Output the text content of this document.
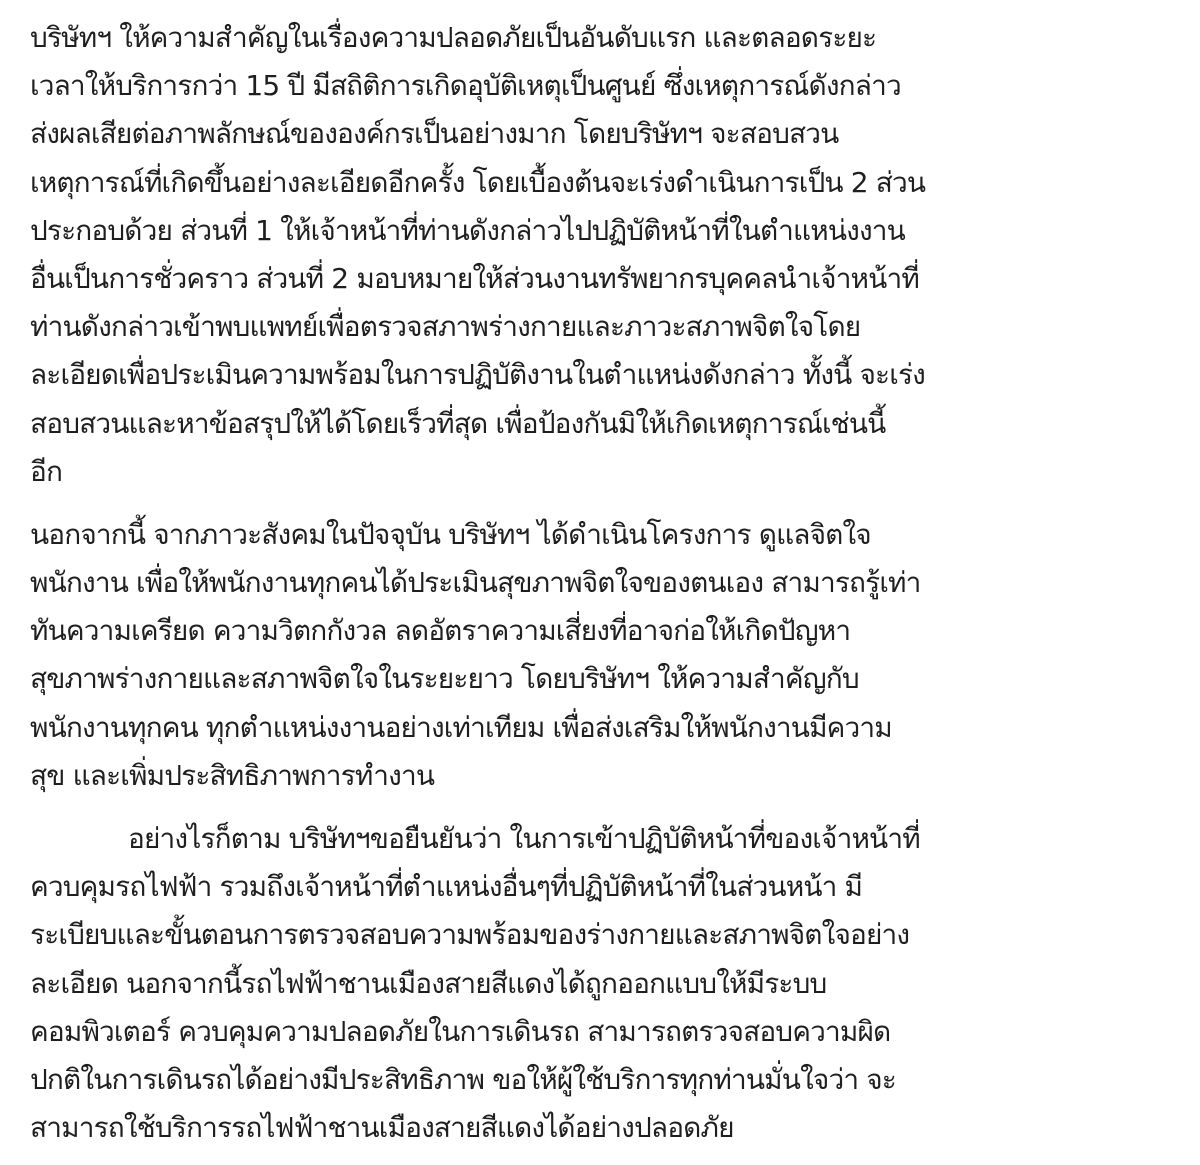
บริษัทฯ ให้ความสำคัญในเรื่องความปลอดภัยเป็นอันดับแรก และตลอดระยะ
เวลาให้บริการกว่า 15 ปี มีสถิติการเกิดอุบัติเหตุเป็นศูนย์ ซึ่งเหตุการณ์ดังกล่าว
ส่งผลเสียต่อภาพลักษณ์ขององค์กรเป็นอย่างมาก โดยบริษัทฯ จะสอบสวน
เหตุการณ์ที่เกิดขึ้นอย่างละเอียดอีกครั้ง โดยเบื้องต้นจะเร่งดำเนินการเป็น 2 ส่วน
ประกอบด้วย ส่วนที่ 1 ให้เจ้าหน้าที่ท่านดังกล่าวไปปฏิบัติหน้าที่ในตำแหน่งงาน
อื่นเป็นการชั่วคราว ส่วนที่ 2 มอบหมายให้ส่วนงานทรัพยากรบุคคลนำเจ้าหน้าที่
ท่านดังกล่าวเข้าพบแพทย์เพื่อตรวจสภาพร่างกายและภาวะสภาพจิตใจโดย
ละเอียดเพื่อประเมินความพร้อมในการปฏิบัติงานในตำแหน่งดังกล่าว ทั้งนี้ จะเร่ง
สอบสวนและหาข้อสรุปให้ได้โดยเร็วที่สุด เพื่อป้องกันมิให้เกิดเหตุการณ์เช่นนี้
อีก
นอกจากนี้ จากภาวะสังคมในปัจจุบัน บริษัทฯ ได้ดำเนินโครงการ ดูแลจิตใจ
พนักงาน เพื่อให้พนักงานทุกคนได้ประเมินสุขภาพจิตใจของตนเอง สามารถรู้เท่า
ทันความเครียด ความวิตกกังวล ลดอัตราความเสี่ยงที่อาจก่อให้เกิดปัญหา
สุขภาพร่างกายและสภาพจิตใจในระยะยาว โดยบริษัทฯ ให้ความสำคัญกับ
พนักงานทุกคน ทุกตำแหน่งงานอย่างเท่าเทียม เพื่อส่งเสริมให้พนักงานมีความ
สุข และเพิ่มประสิทธิภาพการทำงาน
อย่างไรก็ตาม บริษัทฯขอยืนยันว่า ในการเข้าปฏิบัติหน้าที่ของเจ้าหน้าที่
ควบคุมรถไฟฟ้า รวมถึงเจ้าหน้าที่ตำแหน่งอื่นๆที่ปฏิบัติหน้าที่ในส่วนหน้า มี
ระเบียบและขั้นตอนการตรวจสอบความพร้อมของร่างกายและสภาพจิตใจอย่าง
ละเอียด นอกจากนี้รถไฟฟ้าชานเมืองสายสีแดงได้ถูกออกแบบให้มีระบบ
คอมพิวเตอร์ ควบคุมความปลอดภัยในการเดินรถ สามารถตรวจสอบความผิด
ปกติในการเดินรถได้อย่างมีประสิทธิภาพ ขอให้ผู้ใช้บริการทุกท่านมั่นใจว่า จะ
สามารถใช้บริการรถไฟฟ้าชานเมืองสายสีแดงได้อย่างปลอดภัย
